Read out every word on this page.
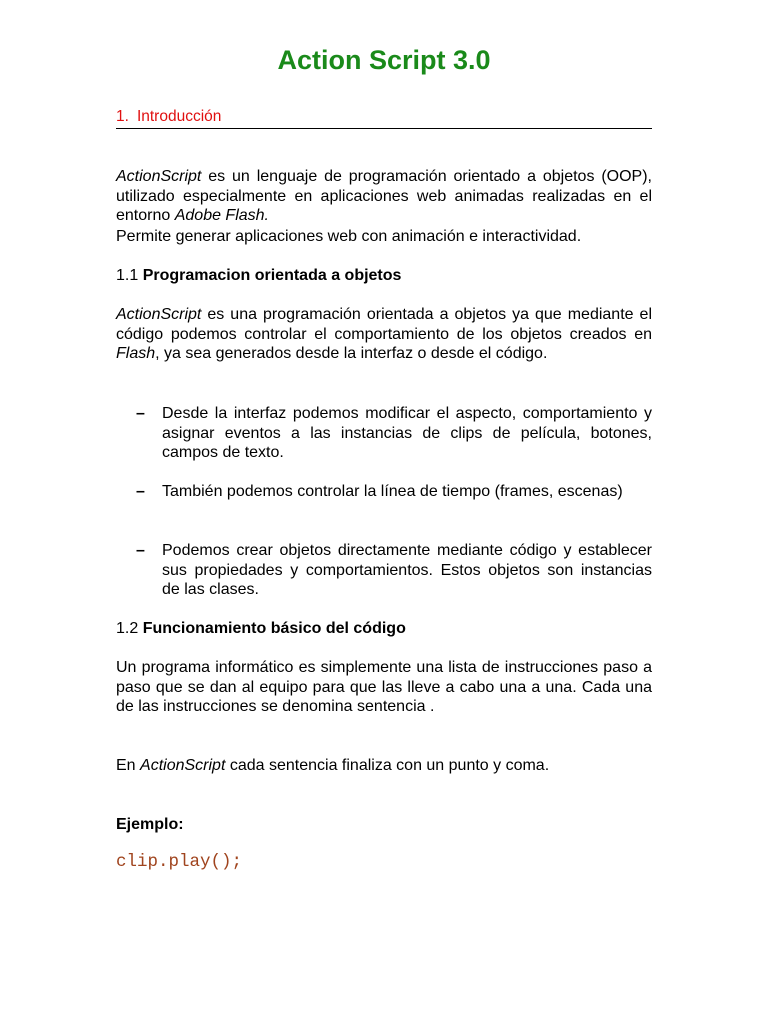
Action Script 3.0
1. Introducción
ActionScript es un lenguaje de programación orientado a objetos (OOP), utilizado especialmente en aplicaciones web animadas realizadas en el entorno Adobe Flash.
Permite generar aplicaciones web con animación e interactividad.
1.1 Programacion orientada a objetos
ActionScript es una programación orientada a objetos ya que mediante el código podemos controlar el comportamiento de los objetos creados en Flash, ya sea generados desde la interfaz o desde el código.
– Desde la interfaz podemos modificar el aspecto, comportamiento y asignar eventos a las instancias de clips de película, botones, campos de texto.
– También podemos controlar la línea de tiempo (frames, escenas)
– Podemos crear objetos directamente mediante código y establecer sus propiedades y comportamientos. Estos objetos son instancias de las clases.
1.2 Funcionamiento básico del código
Un programa informático es simplemente una lista de instrucciones paso a paso que se dan al equipo para que las lleve a cabo una a una. Cada una de las instrucciones se denomina sentencia .
En ActionScript cada sentencia finaliza con un punto y coma.
Ejemplo:
clip.play();
